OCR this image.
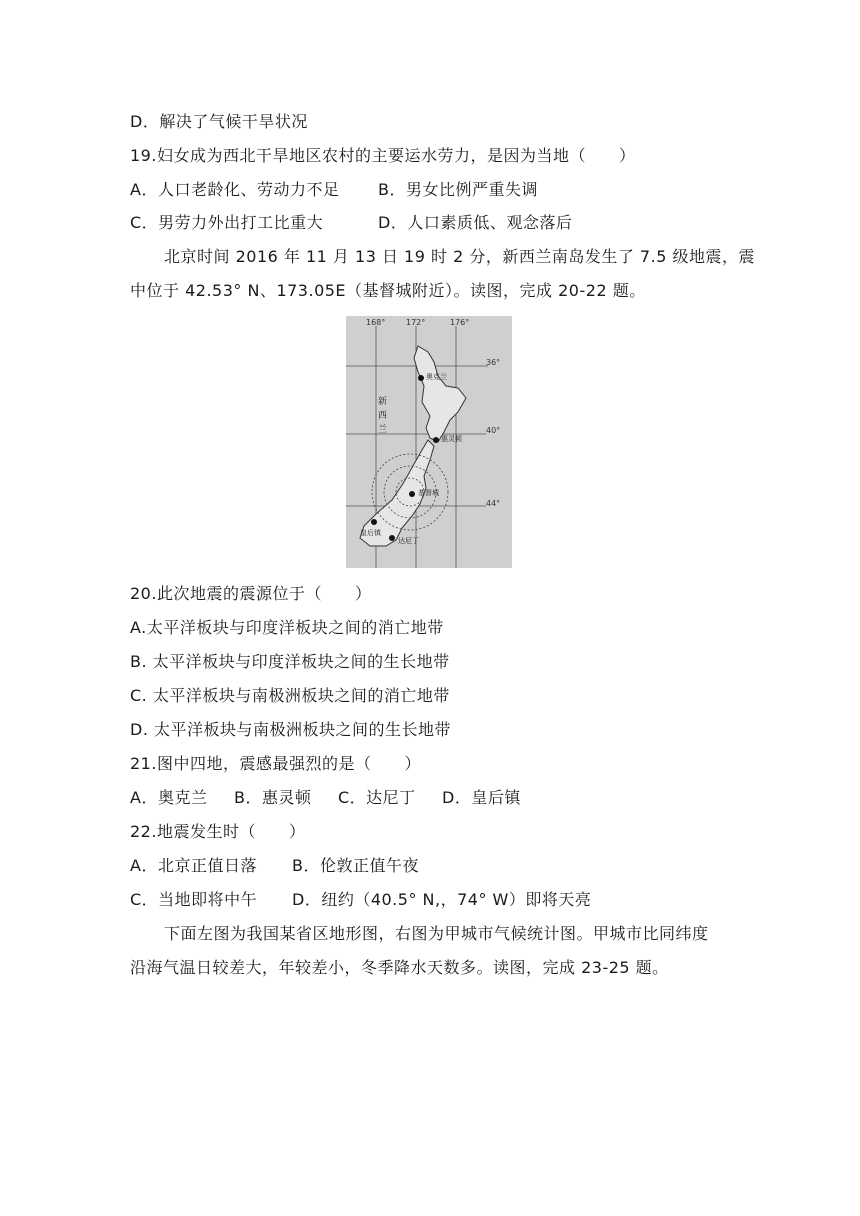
D．解决了气候干旱状况
19.妇女成为西北干旱地区农村的主要运水劳力，是因为当地（　　）
A．人口老龄化、劳动力不足 B．男女比例严重失调
C．男劳力外出打工比重大	D．人口素质低、观念落后
北京时间 2016 年 11 月 13 日 19 时 2 分，新西兰南岛发生了 7.5 级地震，震
中位于 42.53° N、173.05E（基督城附近）。读图，完成 20-22 题。
168°	172°	176°
36°
40°
44°
新
西
兰
奥克兰
惠灵顿
基督城
皇后镇
达尼丁
20.此次地震的震源位于（　　）
A.太平洋板块与印度洋板块之间的消亡地带
B. 太平洋板块与印度洋板块之间的生长地带
C. 太平洋板块与南极洲板块之间的消亡地带
D. 太平洋板块与南极洲板块之间的生长地带
21.图中四地，震感最强烈的是（　　）
A．奥克兰 B．惠灵顿 C．达尼丁 D．皇后镇
22.地震发生时（　　）
A．北京正值日落 B．伦敦正值午夜
C．当地即将中午 D．纽约（40.5° N,，74° W）即将天亮
下面左图为我国某省区地形图，右图为甲城市气候统计图。甲城市比同纬度
沿海气温日较差大，年较差小，冬季降水天数多。读图，完成 23-25 题。
